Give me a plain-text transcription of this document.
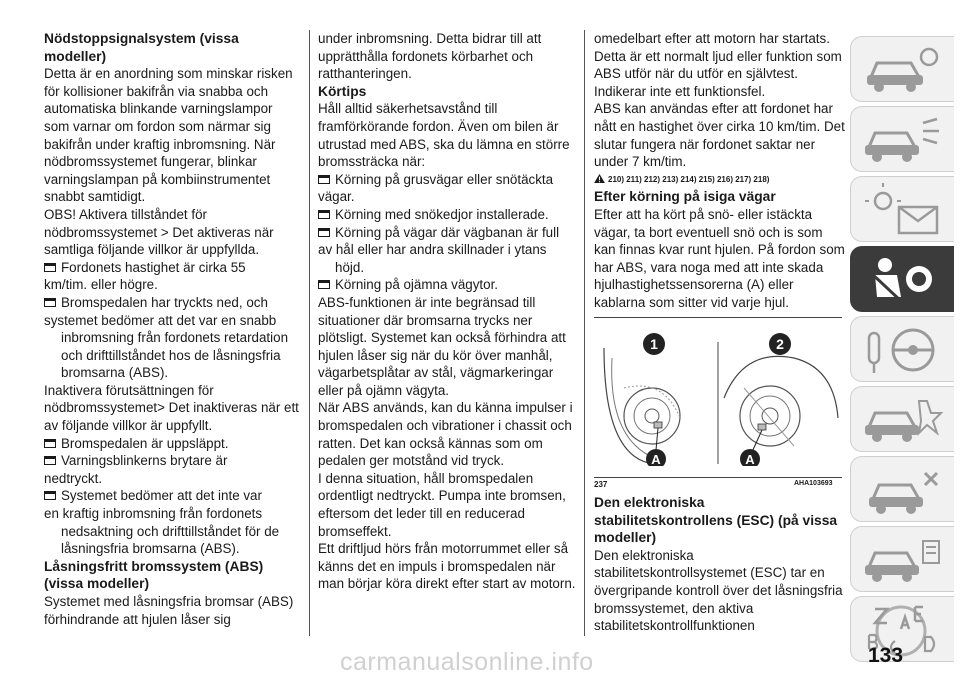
Nödstoppsignalsystem (vissa modeller)

Detta är en anordning som minskar risken för kollisioner bakifrån via snabba och automatiska blinkande varningslampor som varnar om fordon som närmar sig bakifrån under kraftig inbromsning. När nödbromssystemet fungerar, blinkar varningslampan på kombiinstrumentet snabbt samtidigt.

OBS! Aktivera tillståndet för nödbromssystemet > Det aktiveras när samtliga följande villkor är uppfyllda.

Fordonets hastighet är cirka 55
km/tim. eller högre.

Bromspedalen har tryckts ned, och
systemet bedömer att det var en snabb inbromsning från fordonets retardation och drifttillståndet hos de låsningsfria bromsarna (ABS).

Inaktivera förutsättningen för nödbromssystemet> Det inaktiveras när ett av följande villkor är uppfyllt.

Bromspedalen är uppsläppt.

Varningsblinkerns brytare är
nedtryckt.

Systemet bedömer att det inte var
en kraftig inbromsning från fordonets nedsaktning och drifttillståndet för de låsningsfria bromsarna (ABS).

Låsningsfritt bromssystem (ABS) (vissa modeller)

Systemet med låsningsfria bromsar (ABS) förhindrande att hjulen låser sig

under inbromsning. Detta bidrar till att upprätthålla fordonets körbarhet och ratthanteringen.

Körtips

Håll alltid säkerhetsavstånd till framförkörande fordon. Även om bilen är utrustad med ABS, ska du lämna en större bromssträcka när:

Körning på grusvägar eller snötäckta
vägar.

Körning med snökedjor installerade.

Körning på vägar där vägbanan är full
av hål eller har andra skillnader i ytans höjd.

Körning på ojämna vägytor.

ABS-funktionen är inte begränsad till situationer där bromsarna trycks ner plötsligt. Systemet kan också förhindra att hjulen låser sig när du kör över manhål, vägarbetsplåtar av stål, vägmarkeringar eller på ojämn vägyta.

När ABS används, kan du känna impulser i bromspedalen och vibrationer i chassit och ratten. Det kan också kännas som om pedalen ger motstånd vid tryck.

I denna situation, håll bromspedalen ordentligt nedtryckt. Pumpa inte bromsen, eftersom det leder till en reducerad bromseffekt.

Ett driftljud hörs från motorrummet eller så känns det en impuls i bromspedalen när man börjar köra direkt efter start av motorn.

omedelbart efter att motorn har startats. Detta är ett normalt ljud eller funktion som ABS utför när du utför en självtest. Indikerar inte ett funktionsfel.

ABS kan användas efter att fordonet har nått en hastighet över cirka 10 km/tim. Det slutar fungera när fordonet saktar ner under 7 km/tim.

210) 211) 212) 213) 214) 215) 216) 217) 218)

Efter körning på isiga vägar

Efter att ha kört på snö- eller istäckta vägar, ta bort eventuell snö och is som kan finnas kvar runt hjulen. På fordon som har ABS, vara noga med att inte skada hjulhastighetssensorerna (A) eller kablarna som sitter vid varje hjul.

1	2
A	A
237	AHA103693

Den elektroniska stabilitetskontrollens (ESC) (på vissa modeller)

Den elektroniska stabilitetskontrollsystemet (ESC) tar en övergripande kontroll över det låsningsfria bromssystemet, den aktiva stabilitetskontrollfunktionen

carmanualsonline.info	133
